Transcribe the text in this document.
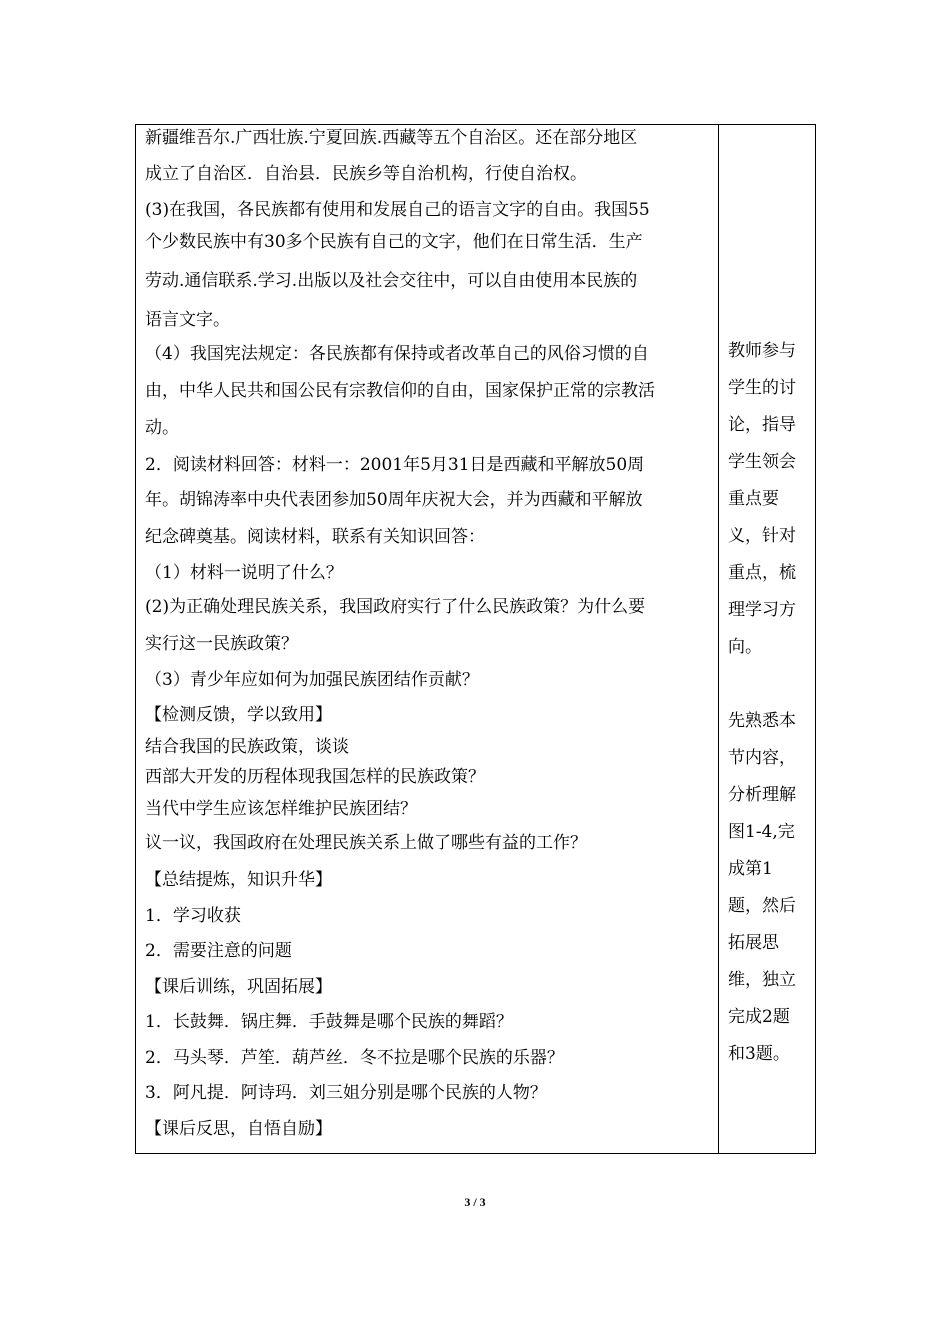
新疆维吾尔.广西壮族.宁夏回族.西藏等五个自治区。还在部分地区
成立了自治区．自治县．民族乡等自治机构，行使自治权。
(3)在我国，各民族都有使用和发展自己的语言文字的自由。我国55
个少数民族中有30多个民族有自己的文字，他们在日常生活．生产
劳动.通信联系.学习.出版以及社会交往中，可以自由使用本民族的
语言文字。
（4）我国宪法规定：各民族都有保持或者改革自己的风俗习惯的自
由，中华人民共和国公民有宗教信仰的自由，国家保护正常的宗教活
动。
2．阅读材料回答：材料一：2001年5月31日是西藏和平解放50周
年。胡锦涛率中央代表团参加50周年庆祝大会，并为西藏和平解放
纪念碑奠基。阅读材料，联系有关知识回答：
（1）材料一说明了什么？
(2)为正确处理民族关系，我国政府实行了什么民族政策？为什么要
实行这一民族政策？
（3）青少年应如何为加强民族团结作贡献？
【检测反馈，学以致用】
结合我国的民族政策，谈谈
西部大开发的历程体现我国怎样的民族政策？
当代中学生应该怎样维护民族团结？
议一议，我国政府在处理民族关系上做了哪些有益的工作？
【总结提炼，知识升华】
1．学习收获
2．需要注意的问题
【课后训练，巩固拓展】
1．长鼓舞．锅庄舞．手鼓舞是哪个民族的舞蹈？
2．马头琴．芦笙．葫芦丝．冬不拉是哪个民族的乐器？
3．阿凡提．阿诗玛．刘三姐分别是哪个民族的人物？
【课后反思，自悟自励】
教师参与
学生的讨
论，指导
学生领会
重点要
义，针对
重点，梳
理学习方
向。
先熟悉本
节内容，
分析理解
图1-4,完
成第1
题，然后
拓展思
维，独立
完成2题
和3题。
3 / 3
